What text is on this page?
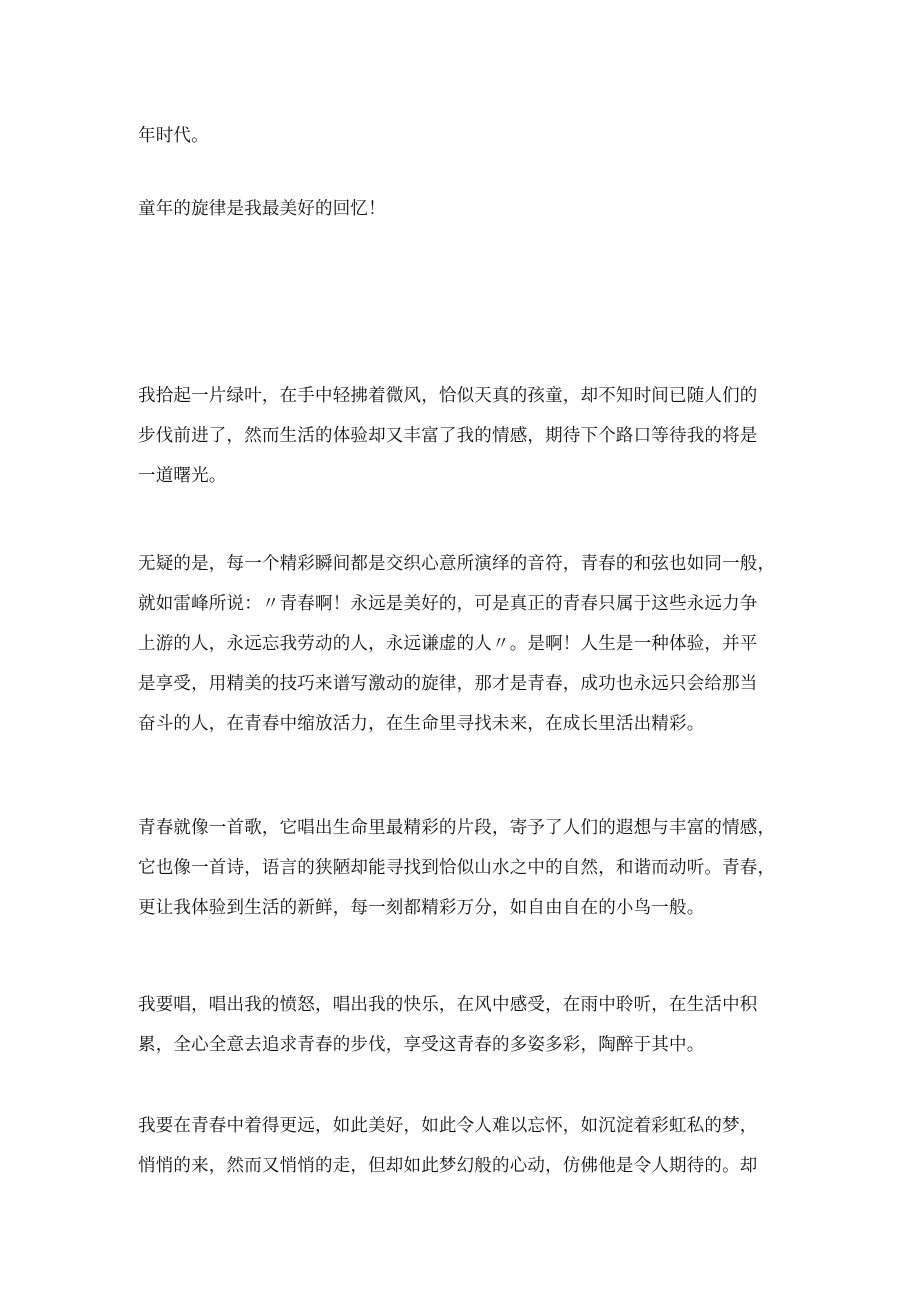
年时代。

童年的旋律是我最美好的回忆！

我拾起一片绿叶，在手中轻拂着微风，恰似天真的孩童，却不知时间已随人们的
步伐前进了，然而生活的体验却又丰富了我的情感，期待下个路口等待我的将是
一道曙光。

无疑的是，每一个精彩瞬间都是交织心意所演绎的音符，青春的和弦也如同一般，
就如雷峰所说：〃青春啊！永远是美好的，可是真正的青春只属于这些永远力争
上游的人，永远忘我劳动的人，永远谦虚的人〃。是啊！人生是一种体验，并平
是享受，用精美的技巧来谱写激动的旋律，那才是青春，成功也永远只会给那当
奋斗的人，在青春中缩放活力，在生命里寻找未来，在成长里活出精彩。

青春就像一首歌，它唱出生命里最精彩的片段，寄予了人们的遐想与丰富的情感，
它也像一首诗，语言的狭陋却能寻找到恰似山水之中的自然，和谐而动听。青春，
更让我体验到生活的新鲜，每一刻都精彩万分，如自由自在的小鸟一般。

我要唱，唱出我的愤怒，唱出我的快乐，在风中感受，在雨中聆听，在生活中积
累，全心全意去追求青春的步伐，享受这青春的多姿多彩，陶醉于其中。

我要在青春中着得更远，如此美好，如此令人难以忘怀，如沉淀着彩虹私的梦，
悄悄的来，然而又悄悄的走，但却如此梦幻般的心动，仿佛他是令人期待的。却
